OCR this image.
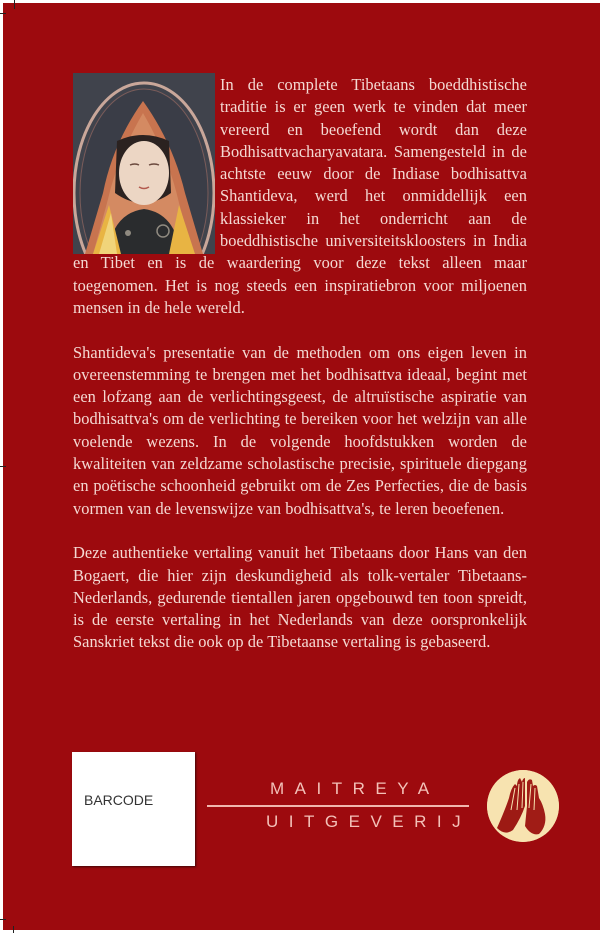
In de complete Tibetaans boeddhistische traditie is er geen werk te vinden dat meer vereerd en beoefend wordt dan deze Bodhisattvacharyavatara. Samengesteld in de achtste eeuw door de Indiase bodhisattva Shantideva, werd het onmiddellijk een klassieker in het onderricht aan de boeddhistische universiteitskloosters in India en Tibet en is de waardering voor deze tekst alleen maar toegenomen. Het is nog steeds een inspiratiebron voor miljoenen mensen in de hele wereld.

Shantideva's presentatie van de methoden om ons eigen leven in overeenstemming te brengen met het bodhisattva ideaal, begint met een lofzang aan de verlichtingsgeest, de altruïstische aspiratie van bodhisattva's om de verlichting te bereiken voor het welzijn van alle voelende wezens. In de volgende hoofdstukken worden de kwaliteiten van zeldzame scholastische precisie, spirituele diepgang en poëtische schoonheid gebruikt om de Zes Perfecties, die de basis vormen van de levenswijze van bodhisattva's, te leren beoefenen.

Deze authentieke vertaling vanuit het Tibetaans door Hans van den Bogaert, die hier zijn deskundigheid als tolk-vertaler Tibetaans-Nederlands, gedurende tientallen jaren opgebouwd ten toon spreidt, is de eerste vertaling in het Nederlands van deze oorspronkelijk Sanskriet tekst die ook op de Tibetaanse vertaling is gebaseerd.

BARCODE
MAITREYA
UITGEVERIJ
